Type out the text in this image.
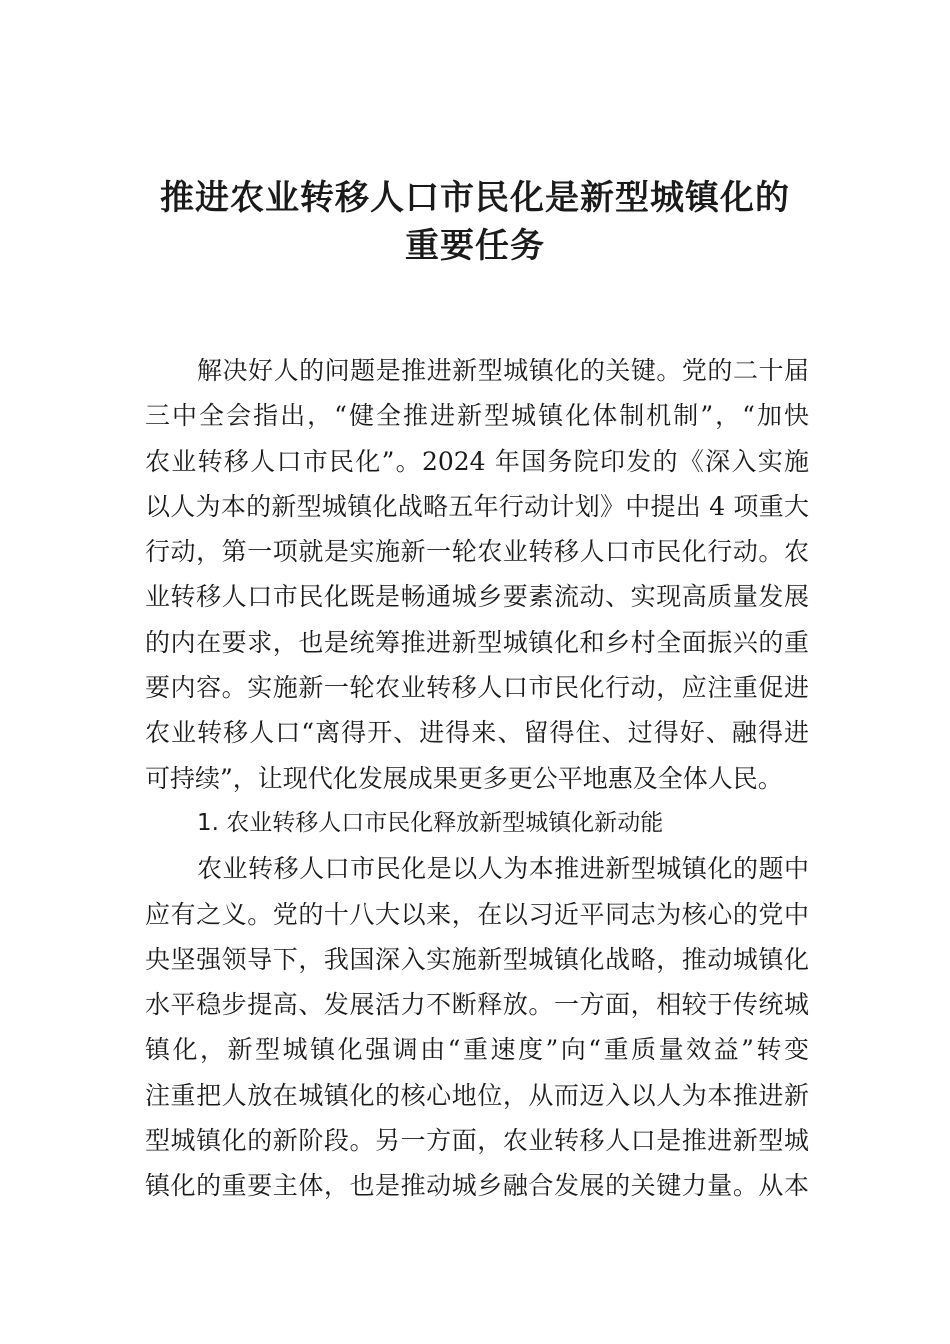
推进农业转移人口市民化是新型城镇化的
重要任务
解决好人的问题是推进新型城镇化的关键。党的二十届
三中全会指出，“健全推进新型城镇化体制机制”，“加快
农业转移人口市民化”。2024 年国务院印发的《深入实施
以人为本的新型城镇化战略五年行动计划》中提出 4 项重大
行动，第一项就是实施新一轮农业转移人口市民化行动。农
业转移人口市民化既是畅通城乡要素流动、实现高质量发展
的内在要求，也是统筹推进新型城镇化和乡村全面振兴的重
要内容。实施新一轮农业转移人口市民化行动，应注重促进
农业转移人口“离得开、进得来、留得住、过得好、融得进
可持续”，让现代化发展成果更多更公平地惠及全体人民。
1. 农业转移人口市民化释放新型城镇化新动能
农业转移人口市民化是以人为本推进新型城镇化的题中
应有之义。党的十八大以来，在以习近平同志为核心的党中
央坚强领导下，我国深入实施新型城镇化战略，推动城镇化
水平稳步提高、发展活力不断释放。一方面，相较于传统城
镇化，新型城镇化强调由“重速度”向“重质量效益”转变
注重把人放在城镇化的核心地位，从而迈入以人为本推进新
型城镇化的新阶段。另一方面，农业转移人口是推进新型城
镇化的重要主体，也是推动城乡融合发展的关键力量。从本
